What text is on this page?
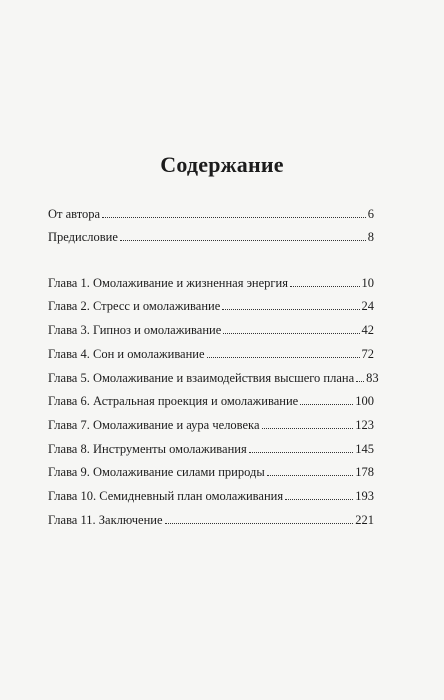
Содержание
От автора	6
Предисловие	8
Глава 1. Омолаживание и жизненная энергия	10
Глава 2. Стресс и омолаживание	24
Глава 3. Гипноз и омолаживание	42
Глава 4. Сон и омолаживание	72
Глава 5. Омолаживание и взаимодействия высшего плана 83
Глава 6. Астральная проекция и омолаживание	100
Глава 7. Омолаживание и аура человека	123
Глава 8. Инструменты омолаживания	145
Глава 9. Омолаживание силами природы	178
Глава 10. Семидневный план омолаживания	193
Глава 11. Заключение	221
